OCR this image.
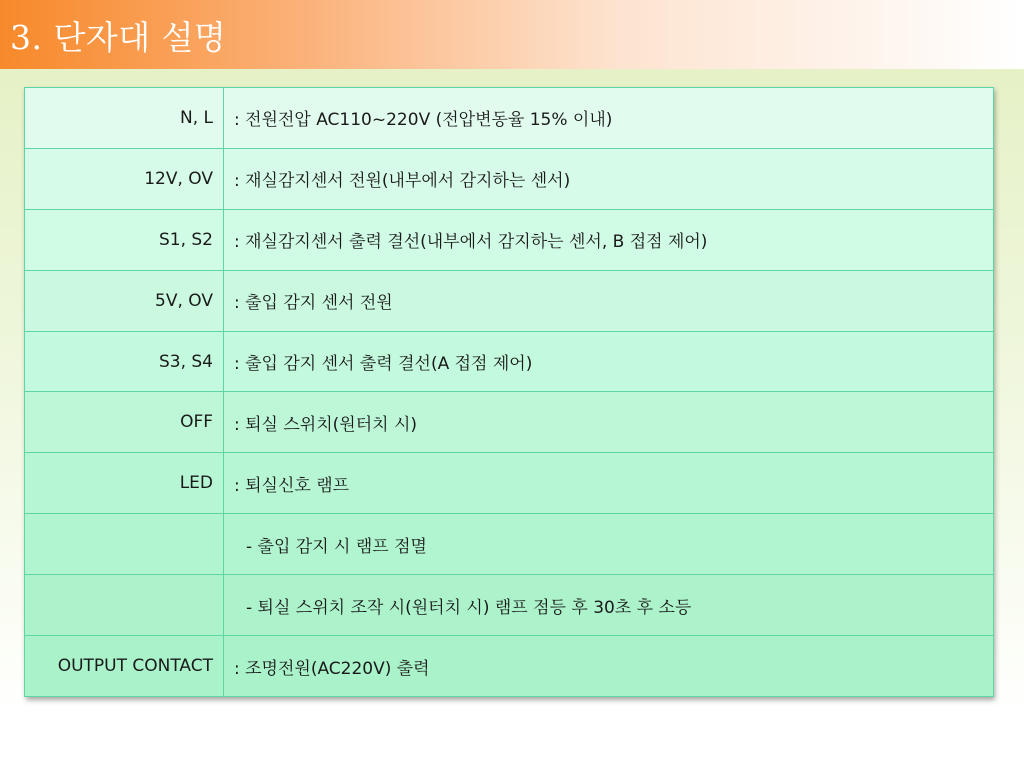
3. 단자대 설명
N, L	: 전원전압 AC110~220V (전압변동율 15% 이내)
12V, OV	: 재실감지센서 전원(내부에서 감지하는 센서)
S1, S2	: 재실감지센서 출력 결선(내부에서 감지하는 센서, B 접점 제어)
5V, OV	: 출입 감지 센서 전원
S3, S4	: 출입 감지 센서 출력 결선(A 접점 제어)
OFF	: 퇴실 스위치(원터치 시)
LED	: 퇴실신호 램프
	- 출입 감지 시 램프 점멸
	- 퇴실 스위치 조작 시(원터치 시) 램프 점등 후 30초 후 소등
OUTPUT CONTACT	: 조명전원(AC220V) 출력
